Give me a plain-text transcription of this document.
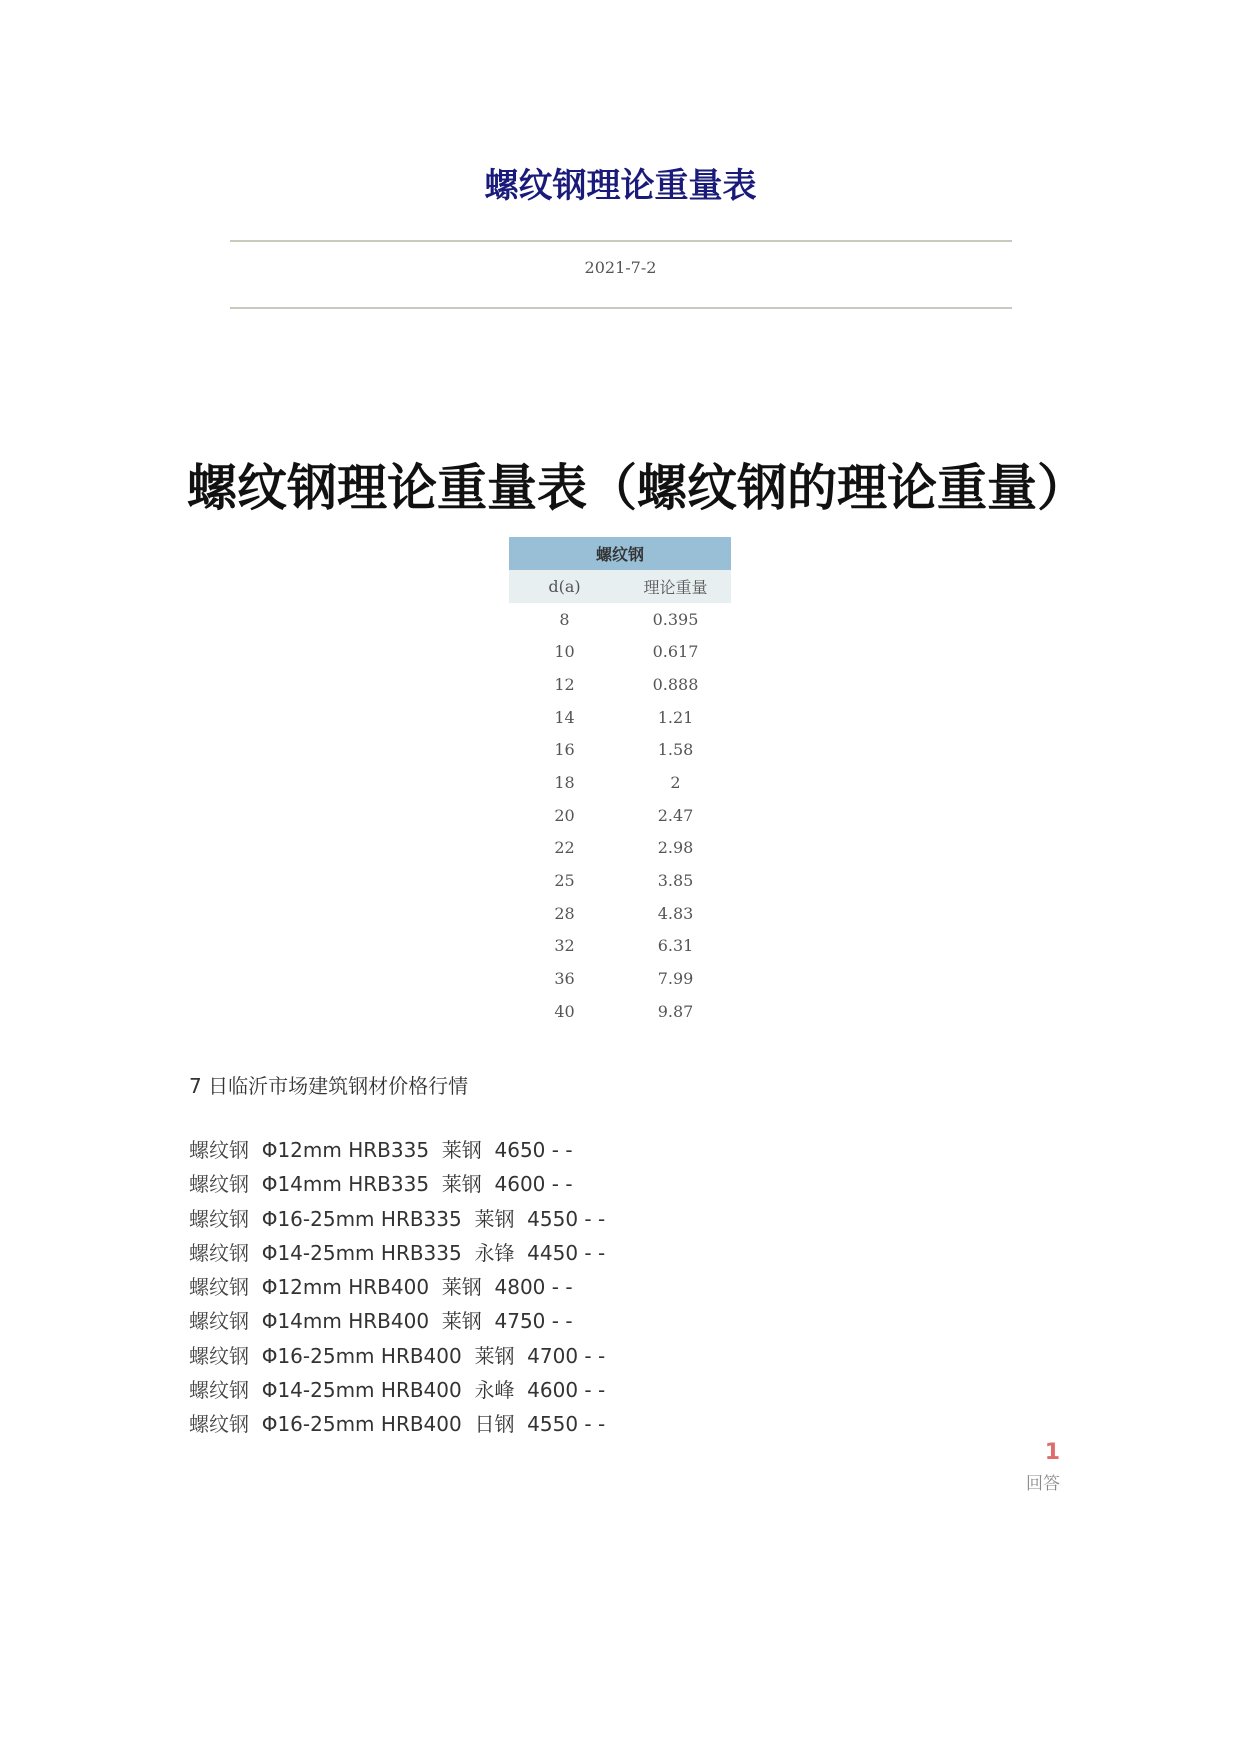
螺纹钢理论重量表
2021-7-2
螺纹钢理论重量表（螺纹钢的理论重量）
螺纹钢	
d(a)	理论重量
8	0.395
10	0.617
12	0.888
14	1.21
16	1.58
18	2
20	2.47
22	2.98
25	3.85
28	4.83
32	6.31
36	7.99
40	9.87

7 日临沂市场建筑钢材价格行情

螺纹钢 Φ12mm HRB335 莱钢 4650 - -
螺纹钢 Φ14mm HRB335 莱钢 4600 - -
螺纹钢 Φ16-25mm HRB335 莱钢 4550 - -
螺纹钢 Φ14-25mm HRB335 永锋 4450 - -
螺纹钢 Φ12mm HRB400 莱钢 4800 - -
螺纹钢 Φ14mm HRB400 莱钢 4750 - -
螺纹钢 Φ16-25mm HRB400 莱钢 4700 - -
螺纹钢 Φ14-25mm HRB400 永峰 4600 - -
螺纹钢 Φ16-25mm HRB400 日钢 4550 - -
1
回答
